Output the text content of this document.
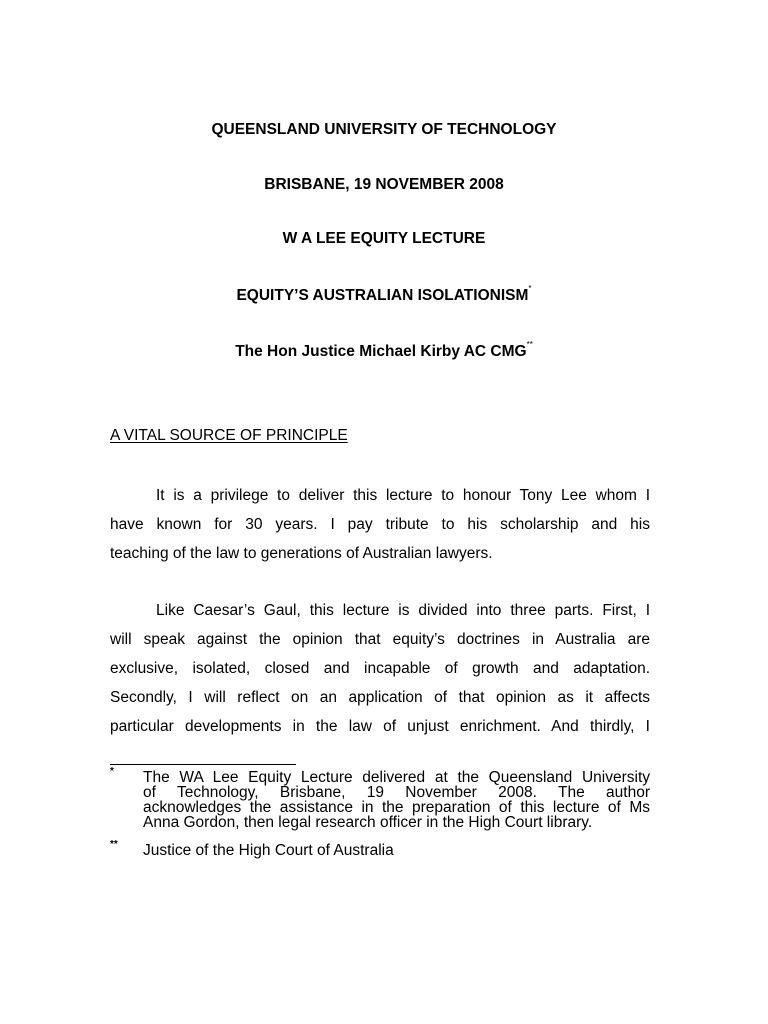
QUEENSLAND UNIVERSITY OF TECHNOLOGY
BRISBANE, 19 NOVEMBER 2008
W A LEE EQUITY LECTURE
EQUITY’S AUSTRALIAN ISOLATIONISM*
The Hon Justice Michael Kirby AC CMG**
A VITAL SOURCE OF PRINCIPLE

It is a privilege to deliver this lecture to honour Tony Lee whom I
have known for 30 years. I pay tribute to his scholarship and his
teaching of the law to generations of Australian lawyers.

Like Caesar’s Gaul, this lecture is divided into three parts. First, I
will speak against the opinion that equity’s doctrines in Australia are
exclusive, isolated, closed and incapable of growth and adaptation.
Secondly, I will reflect on an application of that opinion as it affects
particular developments in the law of unjust enrichment. And thirdly, I

* The WA Lee Equity Lecture delivered at the Queensland University
of Technology, Brisbane, 19 November 2008. The author
acknowledges the assistance in the preparation of this lecture of Ms
Anna Gordon, then legal research officer in the High Court library.
** Justice of the High Court of Australia
